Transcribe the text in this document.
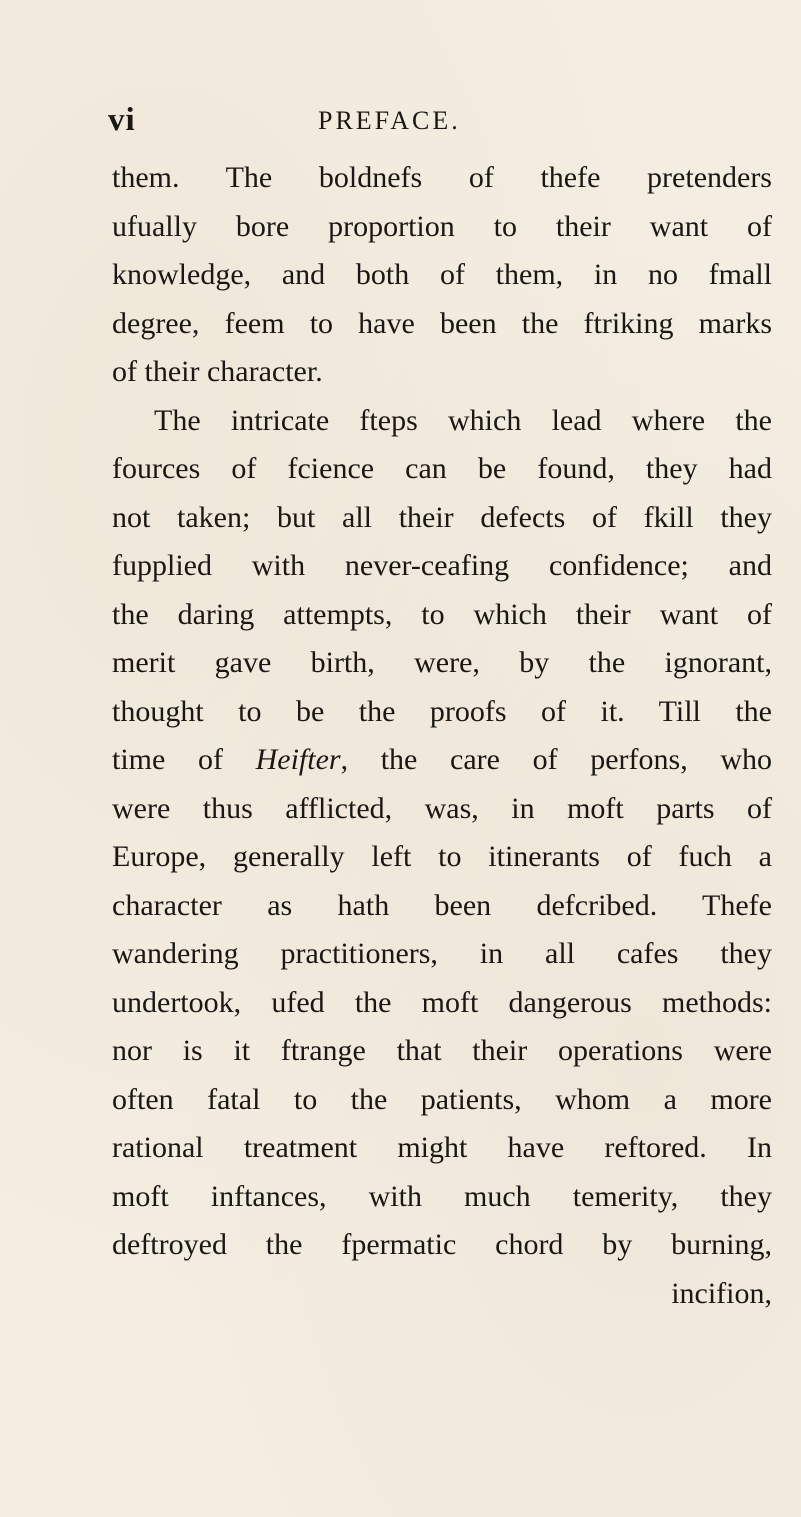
vi	PREFACE.
them. The boldnefs of thefe pretenders
ufually bore proportion to their want of
knowledge, and both of them, in no fmall
degree, feem to have been the ftriking marks
of their character.
The intricate fteps which lead where the
fources of fcience can be found, they had
not taken; but all their defects of fkill they
fupplied with never-ceafing confidence; and
the daring attempts, to which their want of
merit gave birth, were, by the ignorant,
thought to be the proofs of it. Till the
time of Heifter, the care of perfons, who
were thus afflicted, was, in moft parts of
Europe, generally left to itinerants of fuch a
character as hath been defcribed. Thefe
wandering practitioners, in all cafes they
undertook, ufed the moft dangerous methods:
nor is it ftrange that their operations were
often fatal to the patients, whom a more
rational treatment might have reftored. In
moft inftances, with much temerity, they
deftroyed the fpermatic chord by burning,
incifion,
